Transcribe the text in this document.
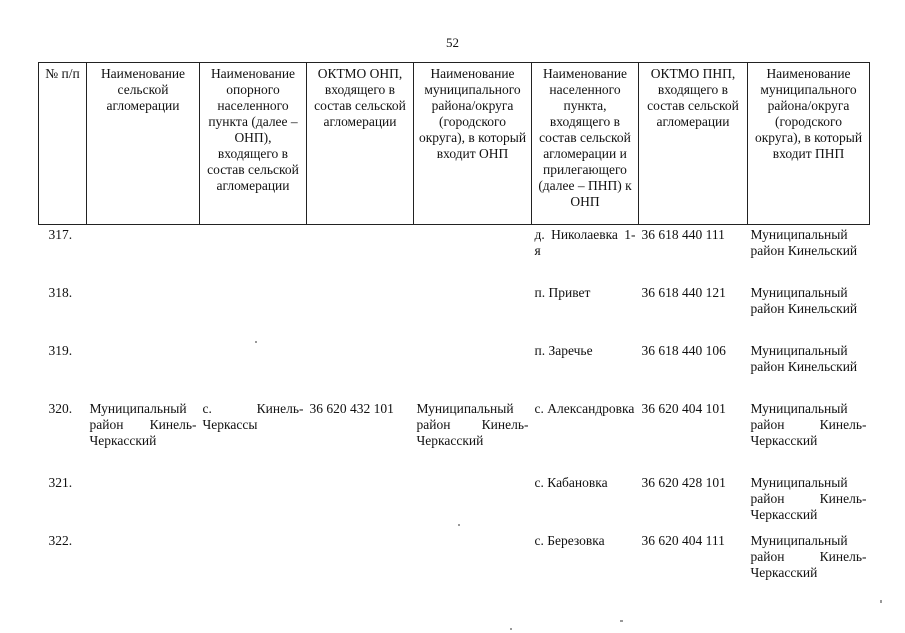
52
№ п/п	Наименование сельской агломерации	Наименование опорного населенного пункта (далее – ОНП), входящего в состав сельской агломерации	ОКТМО ОНП, входящего в состав сельской агломерации	Наименование муниципального района/округа (городского округа), в который входит ОНП	Наименование населенного пункта, входящего в состав сельской агломерации и прилегающего (далее – ПНП) к ОНП	ОКТМО ПНП, входящего в состав сельской агломерации	Наименование муниципального района/округа (городского округа), в который входит ПНП
317.					д. Николаевка 1-я	36 618 440 111	Муниципальный район Кинельский
318.					п. Привет	36 618 440 121	Муниципальный район Кинельский
319.					п. Заречье	36 618 440 106	Муниципальный район Кинельский
320.	Муниципальный район Кинель-Черкасский	с. Кинель-Черкассы	36 620 432 101	Муниципальный район Кинель-Черкасский	с. Александровка	36 620 404 101	Муниципальный район Кинель-Черкасский
321.					с. Кабановка	36 620 428 101	Муниципальный район Кинель-Черкасский
322.					с. Березовка	36 620 404 111	Муниципальный район Кинель-Черкасский
